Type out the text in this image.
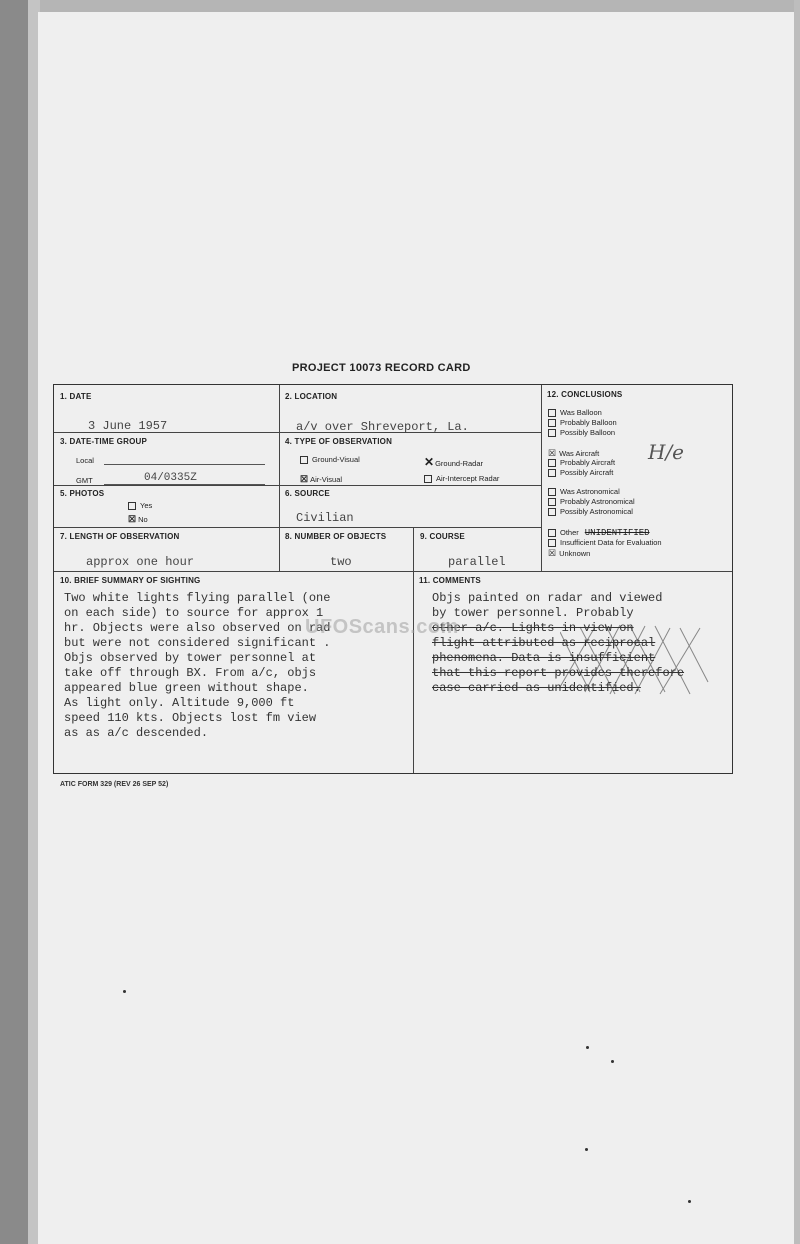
PROJECT 10073 RECORD CARD
1. DATE
3 June 1957
2. LOCATION
a/v over Shreveport, La.
3. DATE-TIME GROUP
Local
GMT	04/0335Z
4. TYPE OF OBSERVATION
Ground-Visual	✕Ground-Radar
☒ Air-Visual	Air-Intercept Radar
5. PHOTOS
Yes
☒ No
6. SOURCE
Civilian
7. LENGTH OF OBSERVATION
approx one hour
8. NUMBER OF OBJECTS
two
9. COURSE
parallel
12. CONCLUSIONS
Was Balloon
Probably Balloon
Possibly Balloon
☒ Was Aircraft
Probably Aircraft
Possibly Aircraft
Was Astronomical
Probably Astronomical
Possibly Astronomical
Other UNIDENTIFIED
Insufficient Data for Evaluation
☒ Unknown
H/e
10. BRIEF SUMMARY OF SIGHTING
Two white lights flying parallel (one
on each side) to source for approx 1
hr. Objects were also observed on rad
but were not considered significant .
Objs observed by tower personnel at
take off through BX. From a/c, objs
appeared blue green without shape.
As light only. Altitude 9,000 ft
speed 110 kts. Objects lost fm view
as as a/c descended.
11. COMMENTS
Objs painted on radar and viewed
by tower personnel. Probably
other a/c. Lights in view on
flight attributed as reciprocal
phenomena. Data is insufficient
that this report provides therefore
case carried as unidentified.
UFOScans.com
ATIC FORM 329 (REV 26 SEP 52)
